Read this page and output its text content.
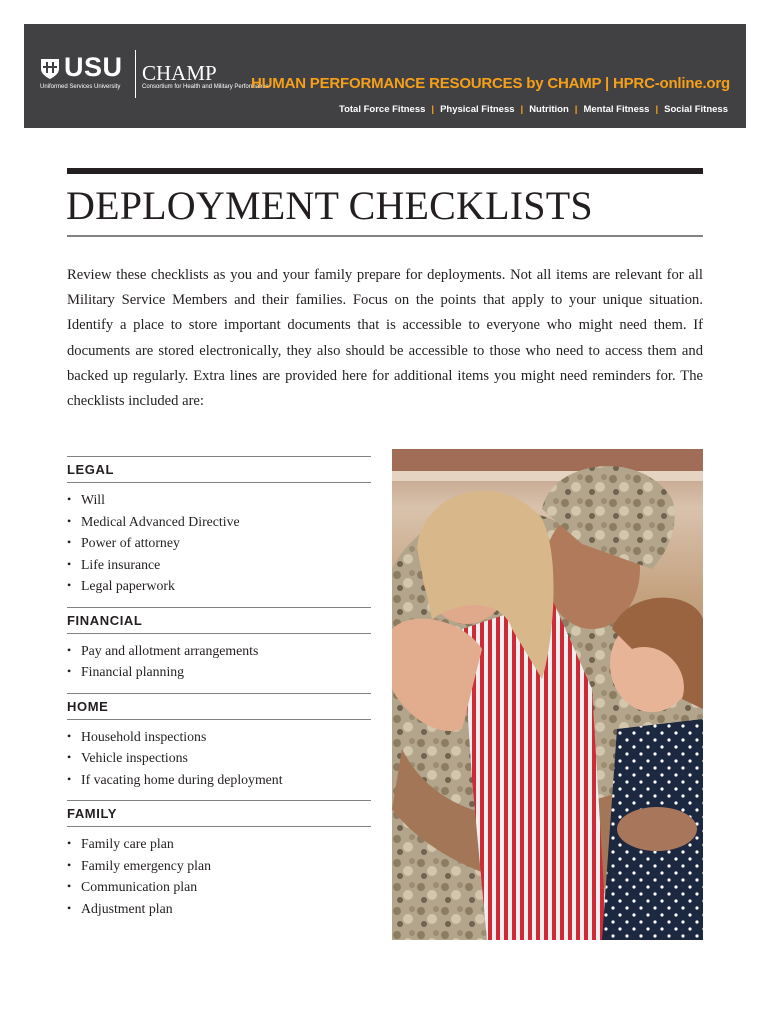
USU
Uniformed Services University
CHAMP
Consortium for Health and Military Performance
HUMAN PERFORMANCE RESOURCES by CHAMP | HPRC-online.org
Total Force Fitness | Physical Fitness | Nutrition | Mental Fitness | Social Fitness
DEPLOYMENT CHECKLISTS

Review these checklists as you and your family prepare for deployments. Not all items are relevant for all Military Service Members and their families. Focus on the points that apply to your unique situation. Identify a place to store important documents that is accessible to everyone who might need them. If documents are stored electronically, they also should be accessible to those who need to access them and backed up regularly. Extra lines are provided here for additional items you might need reminders for. The checklists included are:

LEGAL
• Will
• Medical Advanced Directive
• Power of attorney
• Life insurance
• Legal paperwork
FINANCIAL
• Pay and allotment arrangements
• Financial planning
HOME
• Household inspections
• Vehicle inspections
• If vacating home during deployment
FAMILY
• Family care plan
• Family emergency plan
• Communication plan
• Adjustment plan
